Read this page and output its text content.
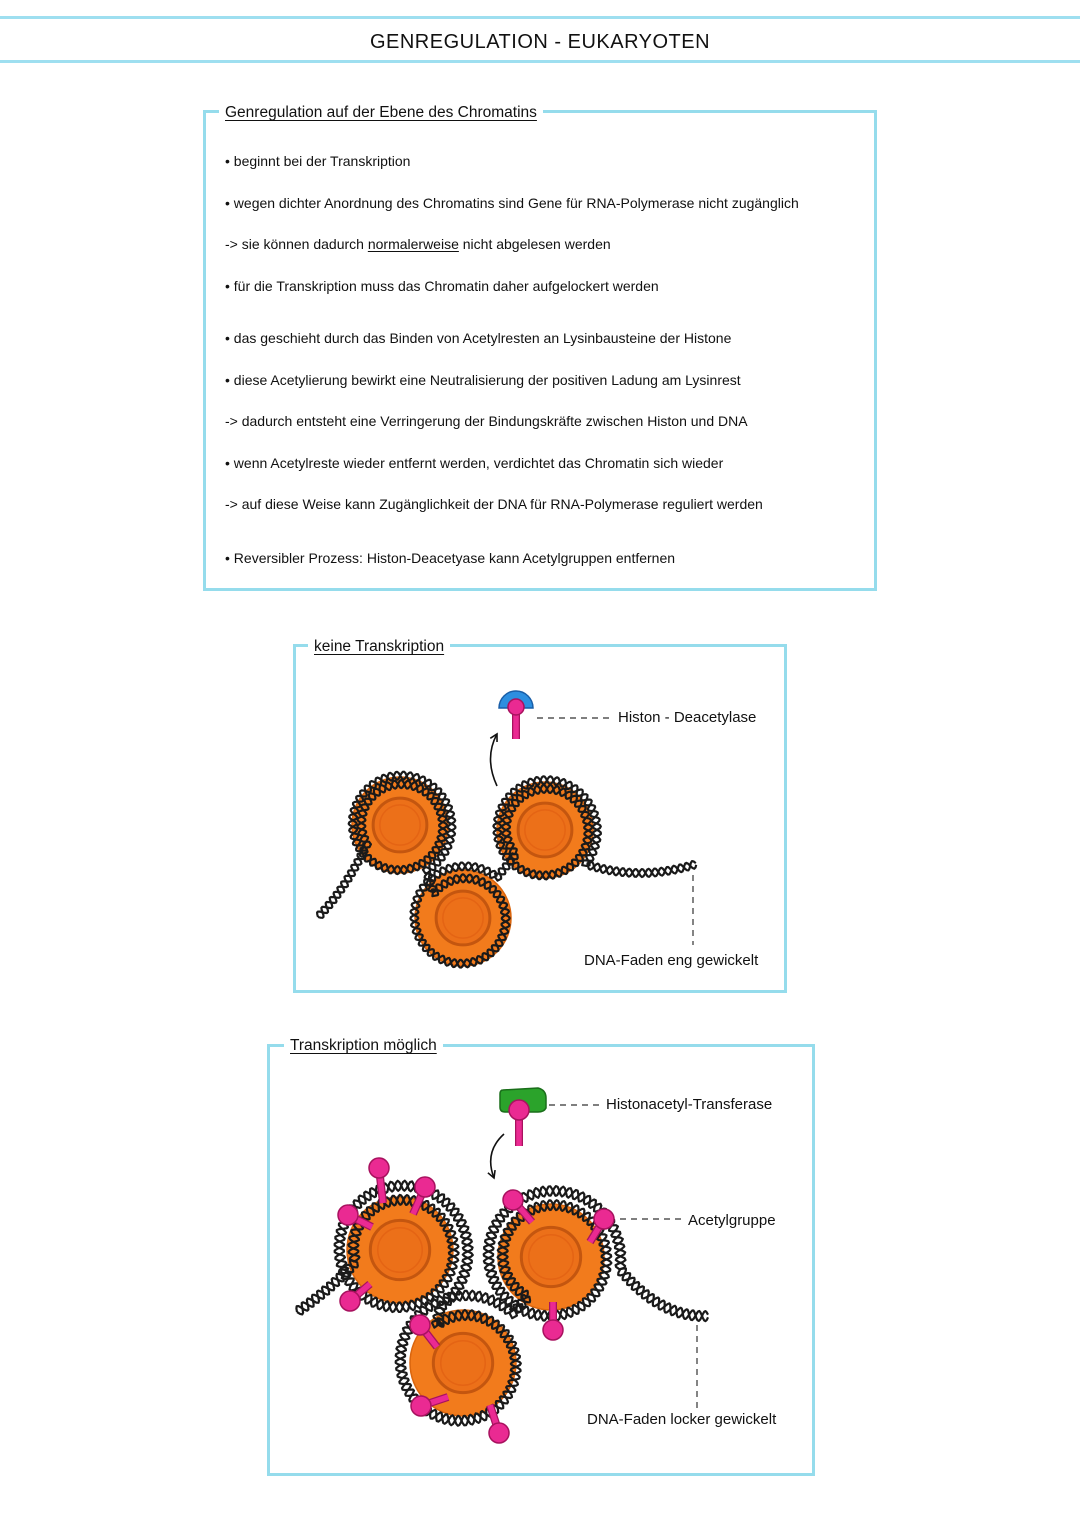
GENREGULATION - EUKARYOTEN
Genregulation auf der Ebene des Chromatins
• beginnt bei der Transkription
• wegen dichter Anordnung des Chromatins sind Gene für RNA-Polymerase nicht zugänglich
-> sie können dadurch normalerweise nicht abgelesen werden
• für die Transkription muss das Chromatin daher aufgelockert werden
• das geschieht durch das Binden von Acetylresten an Lysinbausteine der Histone
• diese Acetylierung bewirkt eine Neutralisierung der positiven Ladung am Lysinrest
-> dadurch entsteht eine Verringerung der Bindungskräfte zwischen Histon und DNA
• wenn Acetylreste wieder entfernt werden, verdichtet das Chromatin sich wieder
-> auf diese Weise kann Zugänglichkeit der DNA für RNA-Polymerase reguliert werden
• Reversibler Prozess: Histon-Deacetyase kann Acetylgruppen entfernen
keine Transkription
Transkription möglich
Histon - Deacetylase
DNA-Faden eng gewickelt
Histonacetyl-Transferase
Acetylgruppe
DNA-Faden locker gewickelt
